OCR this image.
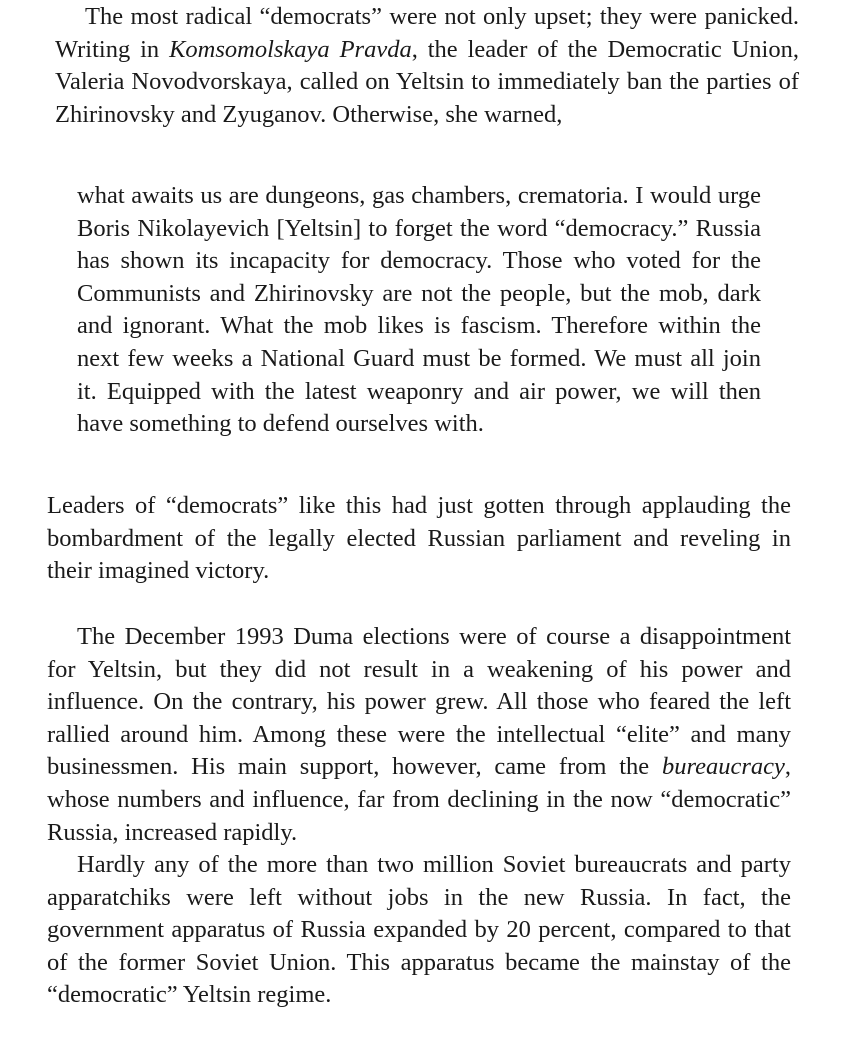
The most radical “democrats” were not only upset; they were panicked. Writing in Komsomolskaya Pravda, the leader of the Democratic Union, Valeria Novodvorskaya, called on Yeltsin to immediately ban the parties of Zhirinovsky and Zyuganov. Otherwise, she warned,

what awaits us are dungeons, gas chambers, crematoria. I would urge Boris Nikolayevich [Yeltsin] to forget the word “democracy.” Russia has shown its incapacity for democracy. Those who voted for the Communists and Zhirinovsky are not the people, but the mob, dark and ignorant. What the mob likes is fascism. Therefore within the next few weeks a National Guard must be formed. We must all join it. Equipped with the latest weaponry and air power, we will then have something to defend ourselves with.

Leaders of “democrats” like this had just gotten through applauding the bombardment of the legally elected Russian parliament and reveling in their imagined victory.

The December 1993 Duma elections were of course a disappointment for Yeltsin, but they did not result in a weakening of his power and influence. On the contrary, his power grew. All those who feared the left rallied around him. Among these were the intellectual “elite” and many businessmen. His main support, however, came from the bureaucracy, whose numbers and influence, far from declining in the now “democratic” Russia, increased rapidly.

Hardly any of the more than two million Soviet bureaucrats and party apparatchiks were left without jobs in the new Russia. In fact, the government apparatus of Russia expanded by 20 percent, compared to that of the former Soviet Union. This apparatus became the mainstay of the “democratic” Yeltsin regime.
